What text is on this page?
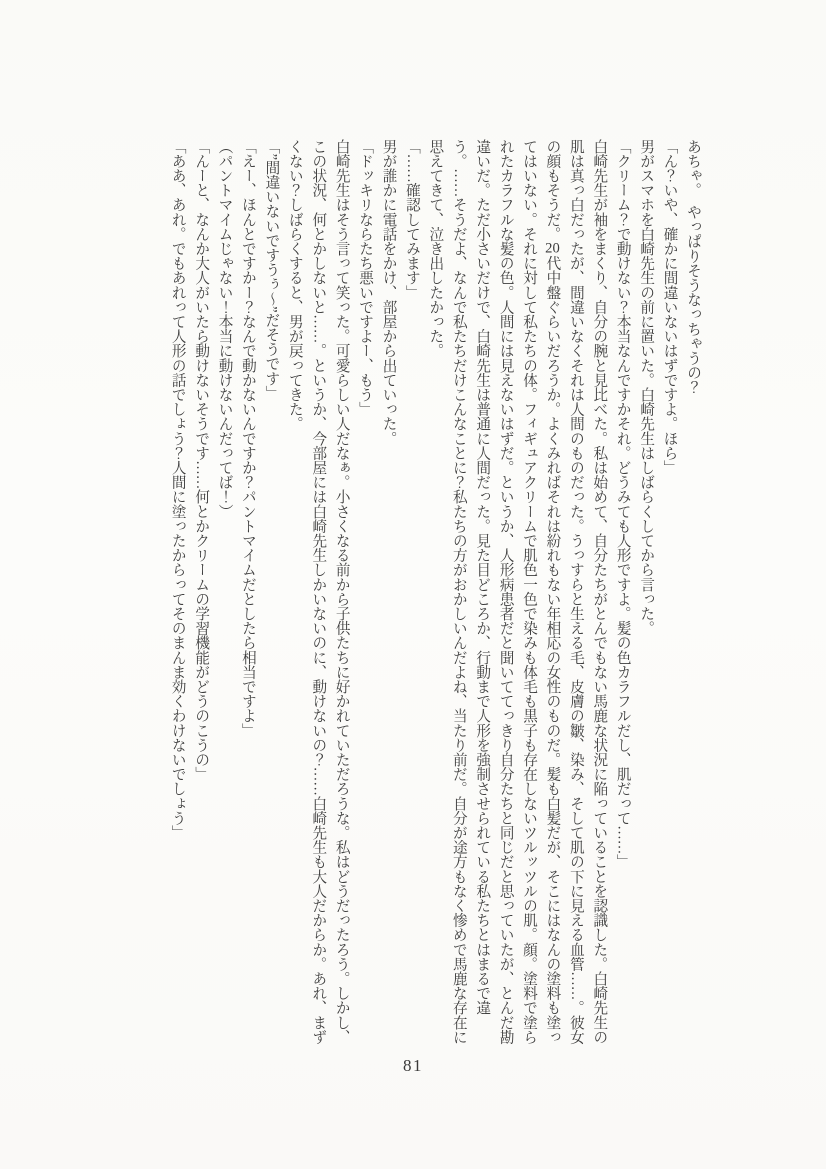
あちゃ。　やっぱりそうなっちゃうの？

「ん？いや、確かに間違いないはずですよ。ほら」

男がスマホを白崎先生の前に置いた。白崎先生はしばらくしてから言った。

「クリーム？で動けない？本当なんですかそれ。どうみても人形ですよ。髪の色カラフルだし、肌だって……」

白崎先生が袖をまくり、自分の腕と見比べた。私は始めて、自分たちがとんでもない馬鹿な状況に陥っていることを認識した。白崎先生の肌は真っ白だったが、間違いなくそれは人間のものだった。うっすらと生える毛、皮膚の皺、染み、そして肌の下に見える血管……。彼女の顔もそうだ。20代中盤ぐらいだろうか。よくみればそれは紛れもない年相応の女性のものだ。髪も白髪だが、そこにはなんの塗料も塗ってはいない。それに対して私たちの体。フィギュアクリームで肌色一色で染みも体毛も黒子も存在しないツルッツルの肌。顔。塗料で塗られたカラフルな髪の色。人間には見えないはずだ。というか、人形病患者だと聞いててっきり自分たちと同じだと思っていたが、とんだ勘違いだ。ただ小さいだけで、白崎先生は普通に人間だった。見た目どころか、行動まで人形を強制させられている私たちとはまるで違う。……そうだよ、なんで私たちだけこんなことに？私たちの方がおかしいんだよね、当たり前だ。自分が途方もなく惨めで馬鹿な存在に思えてきて、泣き出したかった。

「……確認してみます」

男が誰かに電話をかけ、部屋から出ていった。

「ドッキリならたち悪いですよー、もう」

白崎先生はそう言って笑った。可愛らしい人だなぁ。小さくなる前から子供たちに好かれていただろうな。私はどうだったろう。しかし、この状況、何とかしないと……。というか、今部屋には白崎先生しかいないのに、動けないの？……白崎先生も大人だからか。あれ、まずくない？しばらくすると、男が戻ってきた。

「”間違いないですうぅ～”だそうです」

「えー、ほんとですかー？なんで動かないんですか？パントマイムだとしたら相当ですよ」

（パントマイムじゃない！本当に動けないんだってば！）

「んーと、なんか大人がいたら動けないそうです……何とかクリームの学習機能がどうのこうの」

「ああ、あれ。でもあれって人形の話でしょう？人間に塗ったからってそのまんま効くわけないでしょう」

81
